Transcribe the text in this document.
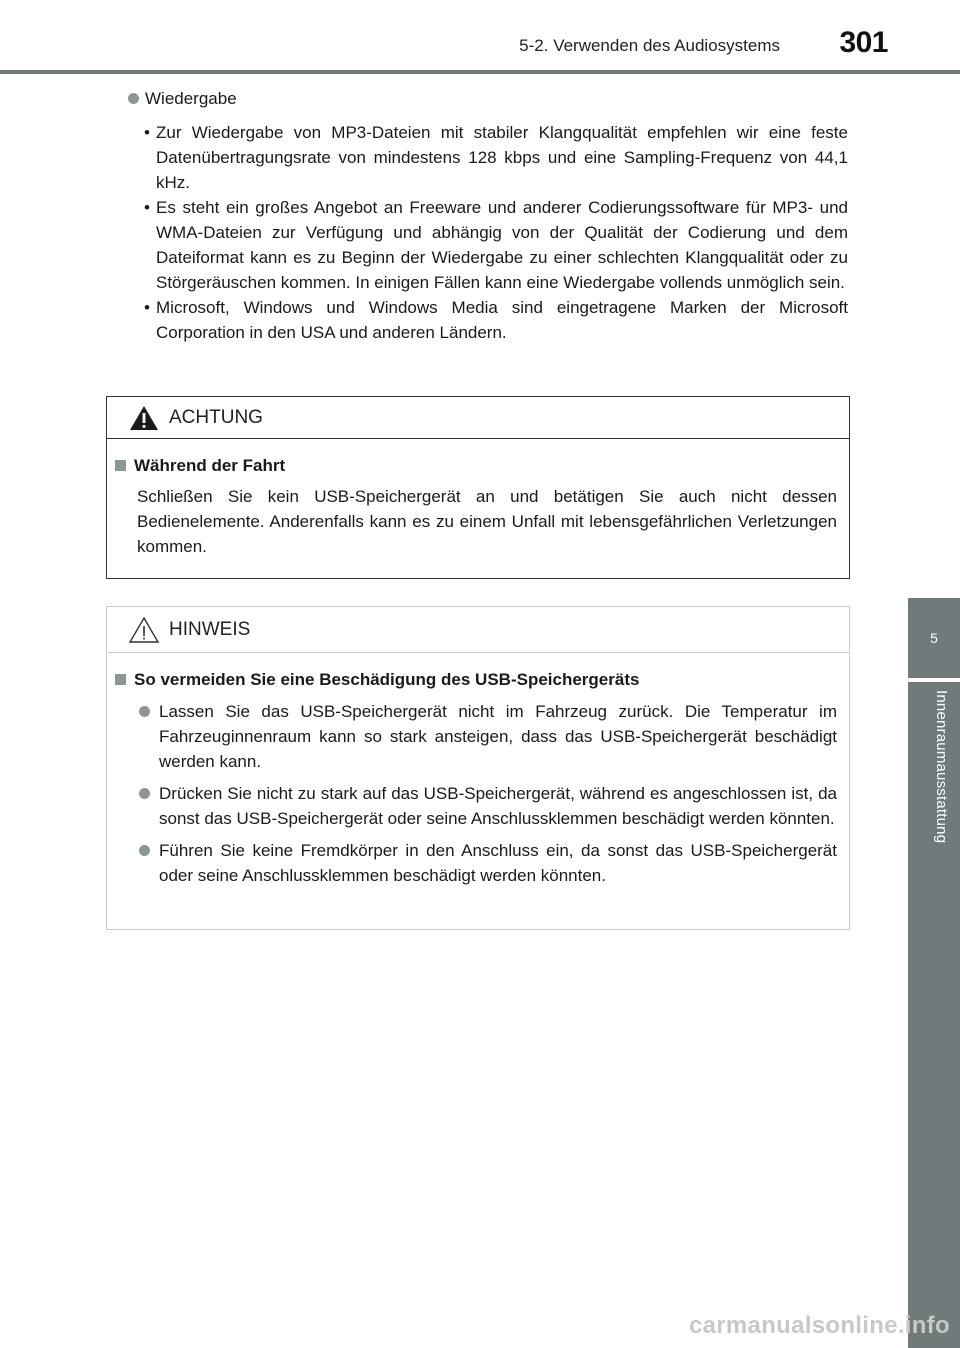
5-2. Verwenden des Audiosystems	301
5
Innenraumausstattung
Wiedergabe
• Zur Wiedergabe von MP3-Dateien mit stabiler Klangqualität empfehlen wir eine feste Datenübertragungsrate von mindestens 128 kbps und eine Sampling-Frequenz von 44,1 kHz.
• Es steht ein großes Angebot an Freeware und anderer Codierungssoftware für MP3- und WMA-Dateien zur Verfügung und abhängig von der Qualität der Codierung und dem Dateiformat kann es zu Beginn der Wiedergabe zu einer schlechten Klangqualität oder zu Störgeräuschen kommen. In einigen Fällen kann eine Wiedergabe vollends unmöglich sein.
• Microsoft, Windows und Windows Media sind eingetragene Marken der Microsoft Corporation in den USA und anderen Ländern.
ACHTUNG
Während der Fahrt
Schließen Sie kein USB-Speichergerät an und betätigen Sie auch nicht dessen Bedienelemente. Anderenfalls kann es zu einem Unfall mit lebensgefährlichen Verletzungen kommen.
HINWEIS
So vermeiden Sie eine Beschädigung des USB-Speichergeräts
Lassen Sie das USB-Speichergerät nicht im Fahrzeug zurück. Die Temperatur im Fahrzeuginnenraum kann so stark ansteigen, dass das USB-Speichergerät beschädigt werden kann.
Drücken Sie nicht zu stark auf das USB-Speichergerät, während es angeschlossen ist, da sonst das USB-Speichergerät oder seine Anschlussklemmen beschädigt werden könnten.
Führen Sie keine Fremdkörper in den Anschluss ein, da sonst das USB-Speichergerät oder seine Anschlussklemmen beschädigt werden könnten.
carmanualsonline.info
